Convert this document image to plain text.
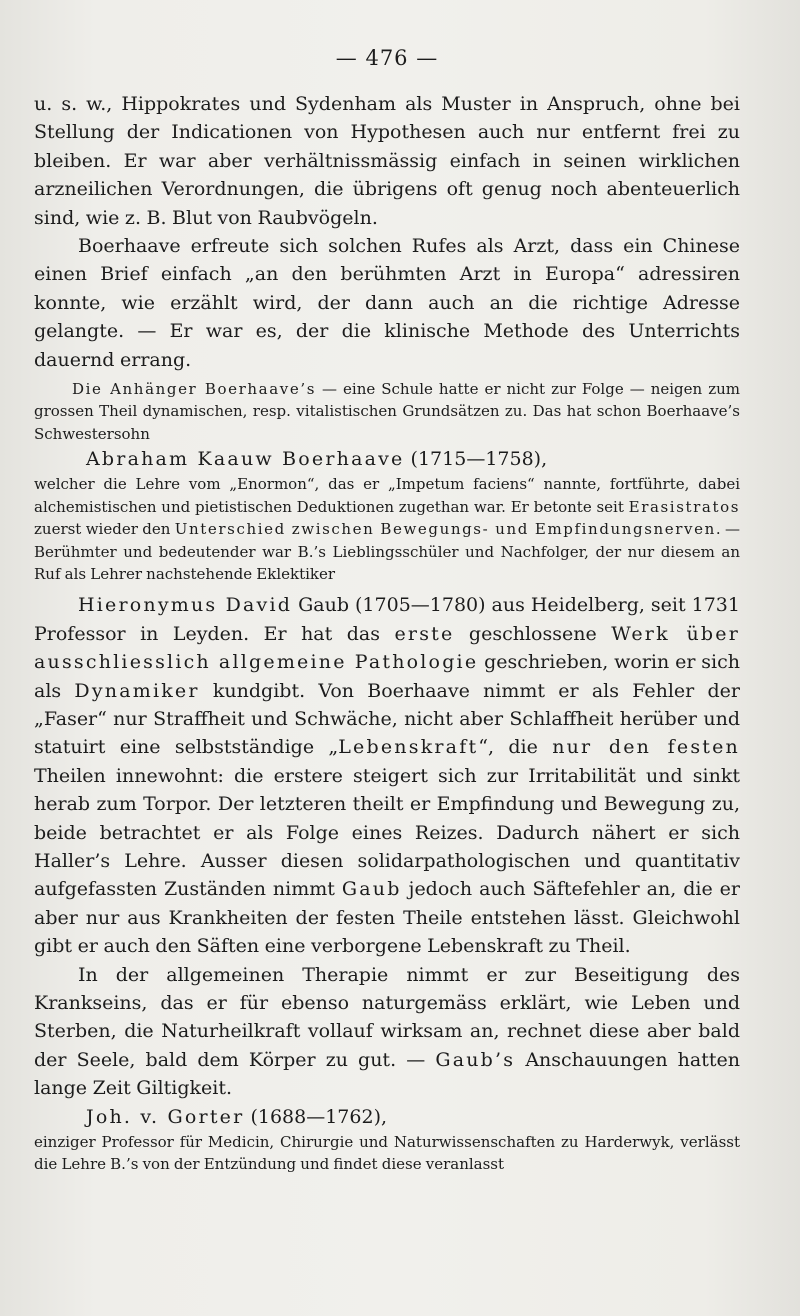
— 476 —

u. s. w., Hippokrates und Sydenham als Muster in Anspruch, ohne bei Stellung der Indicationen von Hypothesen auch nur entfernt frei zu bleiben. Er war aber verhältnissmässig einfach in seinen wirklichen arzneilichen Verordnungen, die übrigens oft genug noch abenteuerlich sind, wie z. B. Blut von Raubvögeln.

Boerhaave erfreute sich solchen Rufes als Arzt, dass ein Chinese einen Brief einfach „an den berühmten Arzt in Europa“ adressiren konnte, wie erzählt wird, der dann auch an die richtige Adresse gelangte. — Er war es, der die klinische Methode des Unterrichts dauernd errang.

Die Anhänger Boerhaave’s — eine Schule hatte er nicht zur Folge — neigen zum grossen Theil dynamischen, resp. vitalistischen Grundsätzen zu. Das hat schon Boerhaave’s Schwestersohn

Abraham Kaauw Boerhaave (1715—1758),

welcher die Lehre vom „Enormon“, das er „Impetum faciens“ nannte, fortführte, dabei alchemistischen und pietistischen Deduktionen zugethan war. Er betonte seit Erasistratos zuerst wieder den Unterschied zwischen Bewegungs- und Empfindungsnerven. — Berühmter und bedeutender war B.’s Lieblingsschüler und Nachfolger, der nur diesem an Ruf als Lehrer nachstehende Eklektiker

Hieronymus David Gaub (1705—1780) aus Heidelberg, seit 1731 Professor in Leyden. Er hat das erste geschlossene Werk über ausschliesslich allgemeine Pathologie geschrieben, worin er sich als Dynamiker kundgibt. Von Boerhaave nimmt er als Fehler der „Faser“ nur Straffheit und Schwäche, nicht aber Schlaffheit herüber und statuirt eine selbstständige „Lebenskraft“, die nur den festen Theilen innewohnt: die erstere steigert sich zur Irritabilität und sinkt herab zum Torpor. Der letzteren theilt er Empfindung und Bewegung zu, beide betrachtet er als Folge eines Reizes. Dadurch nähert er sich Haller’s Lehre. Ausser diesen solidarpathologischen und quantitativ aufgefassten Zuständen nimmt Gaub jedoch auch Säftefehler an, die er aber nur aus Krankheiten der festen Theile entstehen lässt. Gleichwohl gibt er auch den Säften eine verborgene Lebenskraft zu Theil.

In der allgemeinen Therapie nimmt er zur Beseitigung des Krankseins, das er für ebenso naturgemäss erklärt, wie Leben und Sterben, die Naturheilkraft vollauf wirksam an, rechnet diese aber bald der Seele, bald dem Körper zu gut. — Gaub’s Anschauungen hatten lange Zeit Giltigkeit.

Joh. v. Gorter (1688—1762),

einziger Professor für Medicin, Chirurgie und Naturwissenschaften zu Harderwyk, verlässt die Lehre B.’s von der Entzündung und findet diese veranlasst
